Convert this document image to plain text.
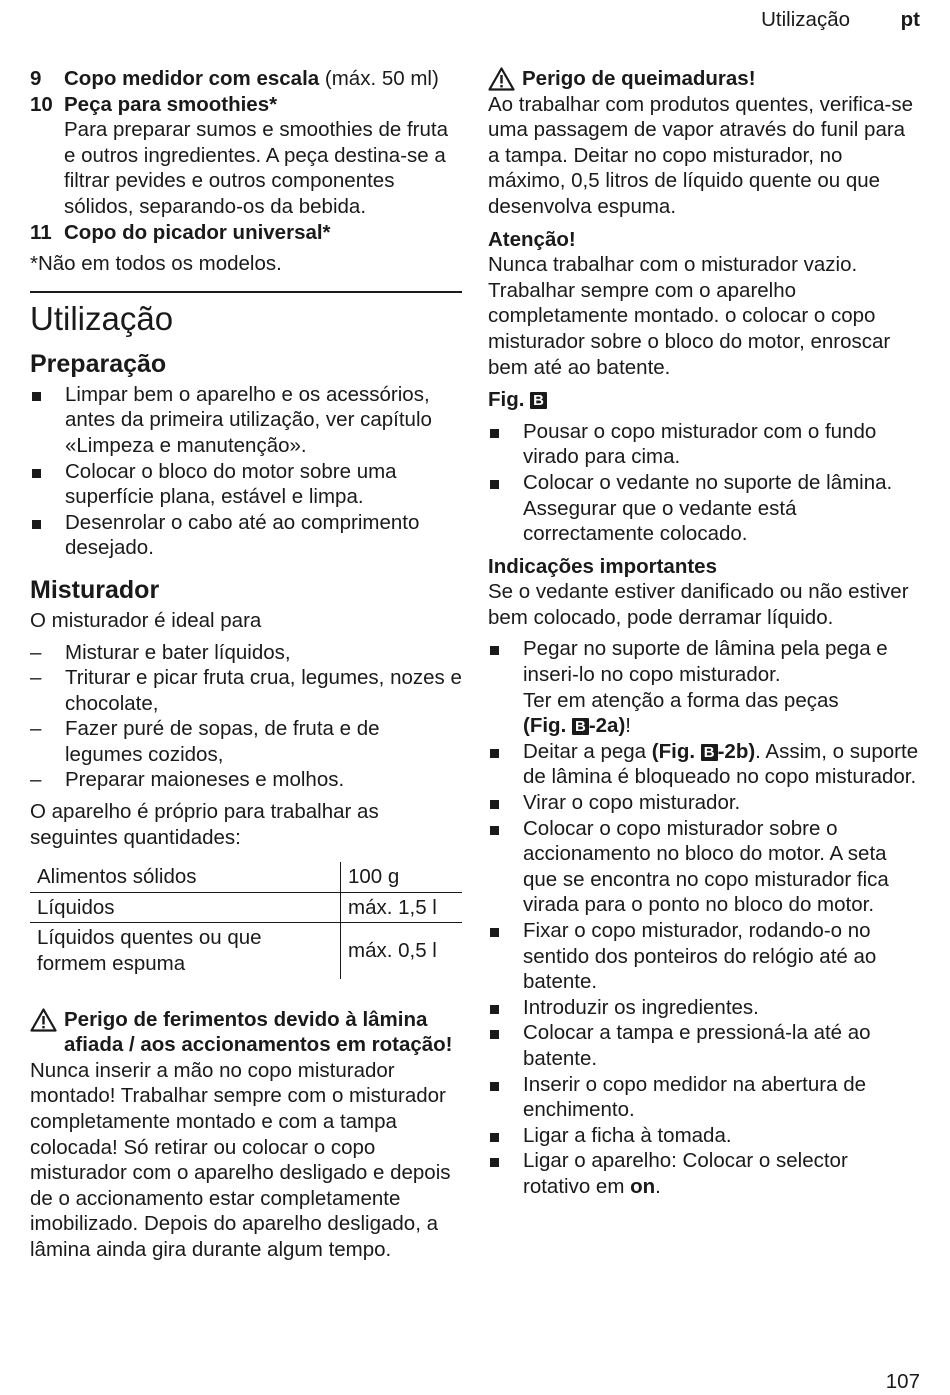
Utilização pt
9 Copo medidor com escala (máx. 50 ml)
10 Peça para smoothies*

Para preparar sumos e smoothies de fruta e outros ingredientes. A peça destina-se a filtrar pevides e outros componentes sólidos, separando-os da bebida.

11 Copo do picador universal*

*Não em todos os modelos.

Utilização
Preparação
Limpar bem o aparelho e os acessórios, antes da primeira utilização, ver capítulo «Limpeza e manutenção».
Colocar o bloco do motor sobre uma superfície plana, estável e limpa.
Desenrolar o cabo até ao comprimento desejado.
Misturador

O misturador é ideal para

– Misturar e bater líquidos,
– Triturar e picar fruta crua, legumes, nozes e chocolate,
– Fazer puré de sopas, de fruta e de legumes cozidos,
– Preparar maioneses e molhos.

O aparelho é próprio para trabalhar as seguintes quantidades:

Alimentos sólidos	100 g
Líquidos	máx. 1,5 l
Líquidos quentes ou que formem espuma	máx. 0,5 l
Perigo de ferimentos devido à lâmina afiada / aos accionamentos em rotação!

Nunca inserir a mão no copo misturador montado! Trabalhar sempre com o misturador completamente montado e com a tampa colocada! Só retirar ou colocar o copo misturador com o aparelho desligado e depois de o accionamento estar completamente imobilizado. Depois do aparelho desligado, a lâmina ainda gira durante algum tempo.

Perigo de queimaduras!

Ao trabalhar com produtos quentes, verifica-se uma passagem de vapor através do funil para a tampa. Deitar no copo misturador, no máximo, 0,5 litros de líquido quente ou que desenvolva espuma.

Atenção!

Nunca trabalhar com o misturador vazio. Trabalhar sempre com o aparelho completamente montado. o colocar o copo misturador sobre o bloco do motor, enroscar bem até ao batente.

Fig. B

Pousar o copo misturador com o fundo virado para cima.
Colocar o vedante no suporte de lâmina. Assegurar que o vedante está correctamente colocado.

Indicações importantes

Se o vedante estiver danificado ou não estiver bem colocado, pode derramar líquido.

Pegar no suporte de lâmina pela pega e inseri-lo no copo misturador.
Ter em atenção a forma das peças
(Fig. B -2a)!
Deitar a pega (Fig. B -2b). Assim, o suporte de lâmina é bloqueado no copo misturador.
Virar o copo misturador.
Colocar o copo misturador sobre o accionamento no bloco do motor. A seta que se encontra no copo misturador fica virada para o ponto no bloco do motor.
Fixar o copo misturador, rodando-o no sentido dos ponteiros do relógio até ao batente.
Introduzir os ingredientes.
Colocar a tampa e pressioná-la até ao batente.
Inserir o copo medidor na abertura de enchimento.
Ligar a ficha à tomada.
Ligar o aparelho: Colocar o selector rotativo em on.
107
